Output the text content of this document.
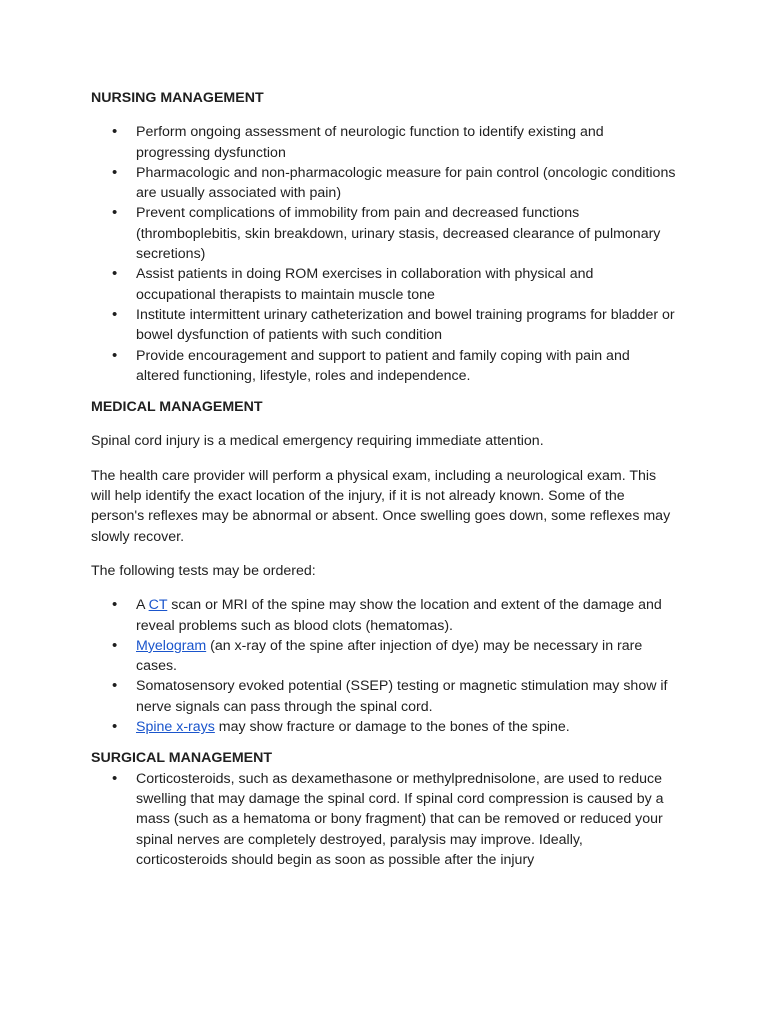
NURSING MANAGEMENT
• Perform ongoing assessment of neurologic function to identify existing and progressing dysfunction
• Pharmacologic and non-pharmacologic measure for pain control (oncologic conditions are usually associated with pain)
• Prevent complications of immobility from pain and decreased functions (thromboplebitis, skin breakdown, urinary stasis, decreased clearance of pulmonary secretions)
• Assist patients in doing ROM exercises in collaboration with physical and occupational therapists to maintain muscle tone
• Institute intermittent urinary catheterization and bowel training programs for bladder or bowel dysfunction of patients with such condition
• Provide encouragement and support to patient and family coping with pain and altered functioning, lifestyle, roles and independence.
MEDICAL MANAGEMENT

Spinal cord injury is a medical emergency requiring immediate attention.

The health care provider will perform a physical exam, including a neurological exam. This will help identify the exact location of the injury, if it is not already known. Some of the person's reflexes may be abnormal or absent. Once swelling goes down, some reflexes may slowly recover.

The following tests may be ordered:

• A CT scan or MRI of the spine may show the location and extent of the damage and reveal problems such as blood clots (hematomas).
• Myelogram (an x-ray of the spine after injection of dye) may be necessary in rare cases.
• Somatosensory evoked potential (SSEP) testing or magnetic stimulation may show if nerve signals can pass through the spinal cord.
• Spine x-rays may show fracture or damage to the bones of the spine.
SURGICAL MANAGEMENT
• Corticosteroids, such as dexamethasone or methylprednisolone, are used to reduce swelling that may damage the spinal cord. If spinal cord compression is caused by a mass (such as a hematoma or bony fragment) that can be removed or reduced your spinal nerves are completely destroyed, paralysis may improve. Ideally, corticosteroids should begin as soon as possible after the injury
